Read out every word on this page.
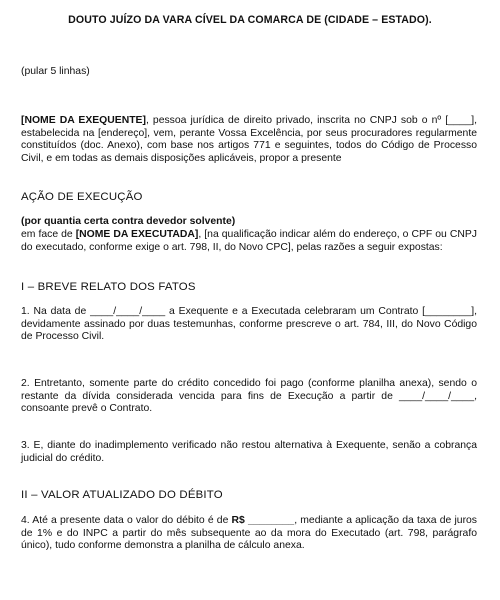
DOUTO JUÍZO DA VARA CÍVEL DA COMARCA DE (CIDADE – ESTADO).
(pular 5 linhas)
[NOME DA EXEQUENTE], pessoa jurídica de direito privado, inscrita no CNPJ sob o nº [____], estabelecida na [endereço], vem, perante Vossa Excelência, por seus procuradores regularmente constituídos (doc. Anexo), com base nos artigos 771 e seguintes, todos do Código de Processo Civil, e em todas as demais disposições aplicáveis, propor a presente
AÇÃO DE EXECUÇÃO
(por quantia certa contra devedor solvente)
em face de [NOME DA EXECUTADA], [na qualificação indicar além do endereço, o CPF ou CNPJ do executado, conforme exige o art. 798, II, do Novo CPC], pelas razões a seguir expostas:
I – BREVE RELATO DOS FATOS
1. Na data de ____/____/____ a Exequente e a Executada celebraram um Contrato [________], devidamente assinado por duas testemunhas, conforme prescreve o art. 784, III, do Novo Código de Processo Civil.
2. Entretanto, somente parte do crédito concedido foi pago (conforme planilha anexa), sendo o restante da dívida considerada vencida para fins de Execução a partir de ____/____/____, consoante prevê o Contrato.
3. E, diante do inadimplemento verificado não restou alternativa à Exequente, senão a cobrança judicial do crédito.
II – VALOR ATUALIZADO DO DÉBITO
4. Até a presente data o valor do débito é de R$ ________, mediante a aplicação da taxa de juros de 1% e do INPC a partir do mês subsequente ao da mora do Executado (art. 798, parágrafo único), tudo conforme demonstra a planilha de cálculo anexa.
